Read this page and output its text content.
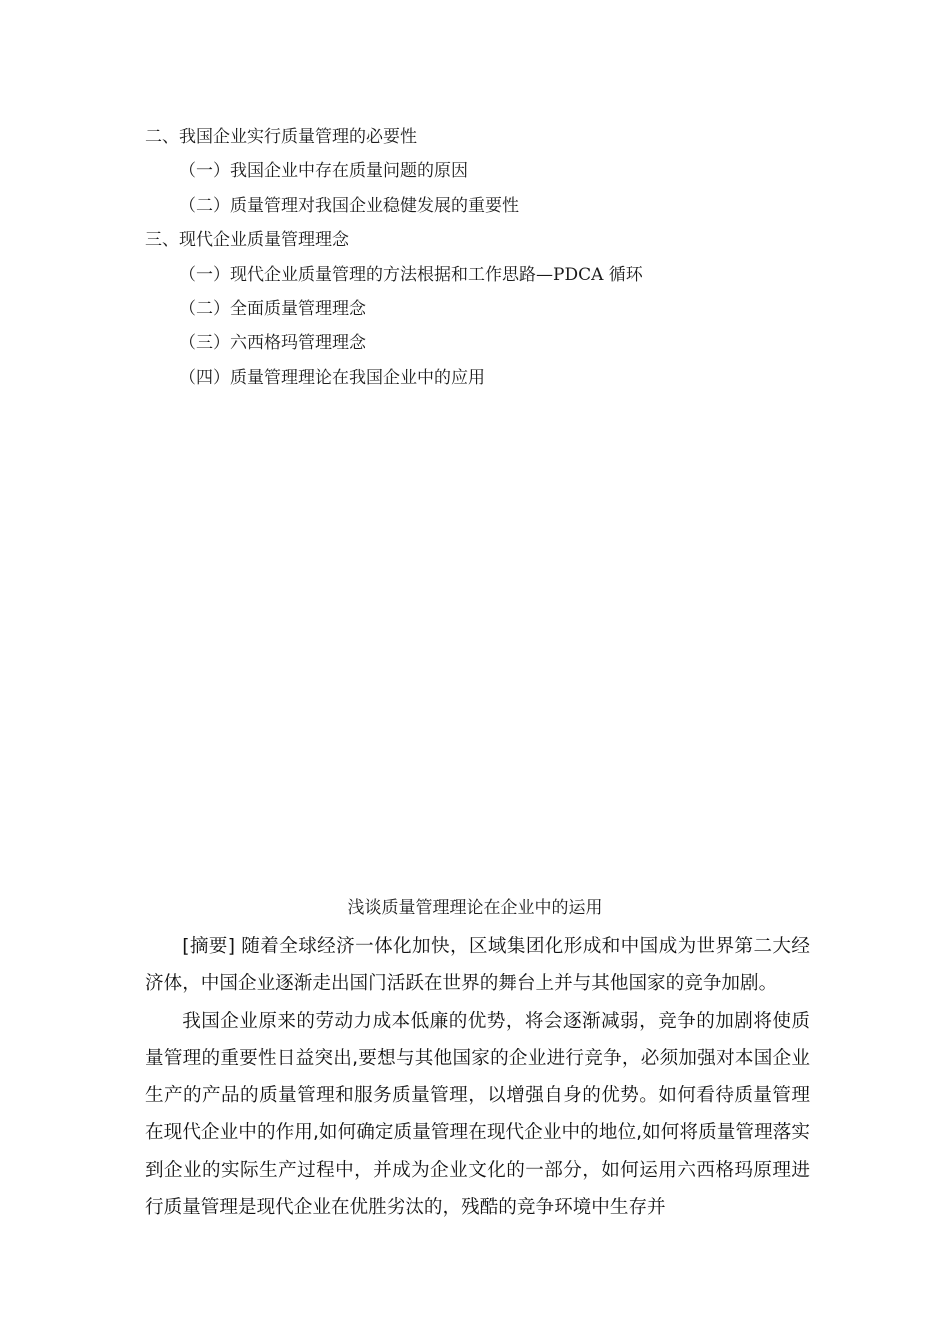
二、我国企业实行质量管理的必要性
（一）我国企业中存在质量问题的原因
（二）质量管理对我国企业稳健发展的重要性
三、现代企业质量管理理念
（一）现代企业质量管理的方法根据和工作思路—PDCA 循环
（二）全面质量管理理念
（三）六西格玛管理理念
（四）质量管理理论在我国企业中的应用
浅谈质量管理理论在企业中的运用

[摘要] 随着全球经济一体化加快，区域集团化形成和中国成为世界第二大经济体，中国企业逐渐走出国门活跃在世界的舞台上并与其他国家的竞争加剧。

我国企业原来的劳动力成本低廉的优势，将会逐渐减弱，竞争的加剧将使质量管理的重要性日益突出,要想与其他国家的企业进行竞争，必须加强对本国企业生产的产品的质量管理和服务质量管理，以增强自身的优势。如何看待质量管理在现代企业中的作用,如何确定质量管理在现代企业中的地位,如何将质量管理落实到企业的实际生产过程中，并成为企业文化的一部分，如何运用六西格玛原理进行质量管理是现代企业在优胜劣汰的，残酷的竞争环境中生存并
